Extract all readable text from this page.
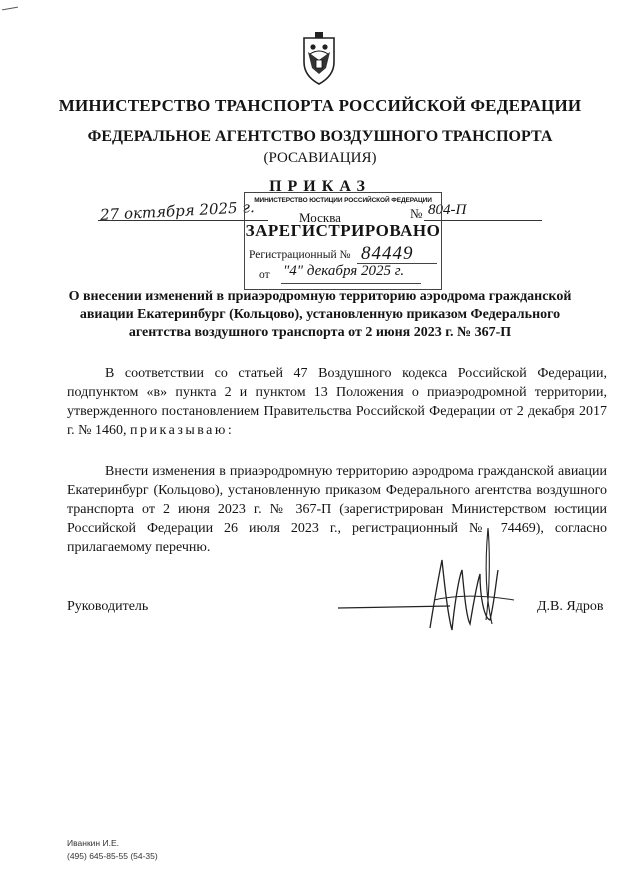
МИНИСТЕРСТВО ТРАНСПОРТА РОССИЙСКОЙ ФЕДЕРАЦИИ
ФЕДЕРАЛЬНОЕ АГЕНТСТВО ВОЗДУШНОГО ТРАНСПОРТА
(РОСАВИАЦИЯ)
ПРИКАЗ
27 октября 2025 г.	Москва	№ 804-П
МИНИСТЕРСТВО ЮСТИЦИИ РОССИЙСКОЙ ФЕДЕРАЦИИ
ЗАРЕГИСТРИРОВАНО
Регистрационный № 84449
от "4" декабря 2025 г.
О внесении изменений в приаэродромную территорию аэродрома гражданской авиации Екатеринбург (Кольцово), установленную приказом Федерального агентства воздушного транспорта от 2 июня 2023 г. № 367-П
В соответствии со статьей 47 Воздушного кодекса Российской Федерации, подпунктом «в» пункта 2 и пунктом 13 Положения о приаэродромной территории, утвержденного постановлением Правительства Российской Федерации от 2 декабря 2017 г. № 1460, приказываю:
Внести изменения в приаэродромную территорию аэродрома гражданской авиации Екатеринбург (Кольцово), установленную приказом Федерального агентства воздушного транспорта от 2 июня 2023 г. № 367-П (зарегистрирован Министерством юстиции Российской Федерации 26 июля 2023 г., регистрационный № 74469), согласно прилагаемому перечню.
Руководитель	Д.В. Ядров
Иванкин И.Е.
(495) 645-85-55 (54-35)
